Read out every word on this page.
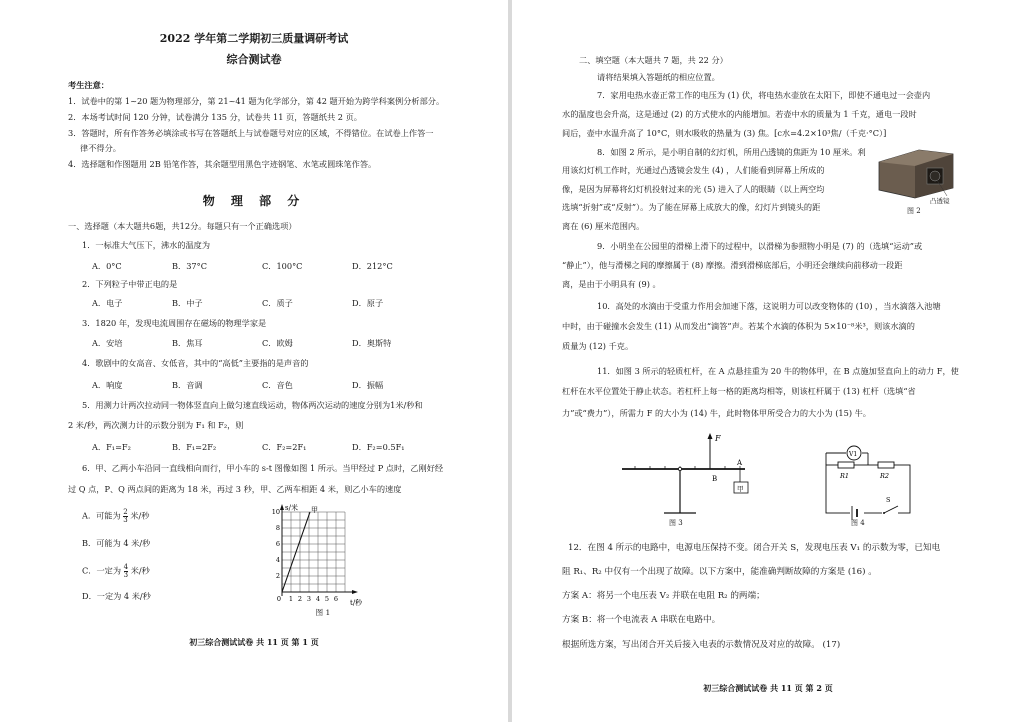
2022 学年第二学期初三质量调研考试
综合测试卷
考生注意：
1．试卷中的第 1~20 题为物理部分，第 21~41 题为化学部分，第 42 题开始为跨学科案例分析部分。
2．本场考试时间 120 分钟，试卷满分 135 分，试卷共 11 页，答题纸共 2 页。
3．答题时，所有作答务必填涂或书写在答题纸上与试卷题号对应的区域，不得错位。在试卷上作答一
律不得分。
4．选择题和作图题用 2B 铅笔作答，其余题型用黑色字迹钢笔、水笔或圆珠笔作答。
物 理 部 分
一、选择题（本大题共6题，共12分。每题只有一个正确选项）
1．一标准大气压下，沸水的温度为
A．0°C	B．37°C	C．100°C	D．212°C
2．下列粒子中带正电的是
A．电子	B．中子	C．质子	D．原子
3．1820 年，发现电流周围存在磁场的物理学家是
A．安培	B．焦耳	C．欧姆	D．奥斯特
4．歌剧中的女高音、女低音，其中的“高低”主要指的是声音的
A．响度	B．音调	C．音色	D．振幅
5．用测力计两次拉动同一物体竖直向上做匀速直线运动，物体两次运动的速度分别为1米/秒和
2 米/秒，两次测力计的示数分别为 F₁ 和 F₂，则
A．F₁=F₂	B．F₁=2F₂	C．F₂=2F₁	D．F₂=0.5F₁
6．甲、乙两小车沿同一直线相向而行，甲小车的 s-t 图像如图 1 所示。当甲经过 P 点时，乙刚好经
过 Q 点，P、Q 两点间的距离为 18 米，再过 3 秒，甲、乙两车相距 4 米，则乙小车的速度
A．可能为 $\frac{2}{3}$ 米/秒
B．可能为 4 米/秒
C．一定为 $\frac{4}{3}$ 米/秒
D．一定为 4 米/秒
s/米 甲
t/秒
10
8
6
4
2
0 1 2 3 4 5 6
图 1
初三综合测试试卷 共 11 页 第 1 页
二、填空题（本大题共 7 题，共 22 分）
请将结果填入答题纸的相应位置。
7．家用电热水壶正常工作的电压为 (1) 伏，将电热水壶放在太阳下，即使不通电过一会壶内
水的温度也会升高，这是通过 (2) 的方式使水的内能增加。若壶中水的质量为 1 千克，通电一段时
间后，壶中水温升高了 10°C，则水吸收的热量为 (3) 焦。[c水=4.2×10³焦/（千克·°C）]
8．如图 2 所示，是小明自制的幻灯机，所用凸透镜的焦距为 10 厘米。利
用该幻灯机工作时，光通过凸透镜会发生 (4) ，人们能看到屏幕上所成的
像，是因为屏幕将幻灯机投射过来的光 (5) 进入了人的眼睛（以上两空均
选填“折射”或“反射”）。为了能在屏幕上成放大的像，幻灯片到镜头的距
离在 (6) 厘米范围内。
凸透镜
图 2
9．小明坐在公园里的滑梯上滑下的过程中，以滑梯为参照物小明是 (7) 的（选填“运动”或
“静止”），他与滑梯之间的摩擦属于 (8) 摩擦。滑到滑梯底部后，小明还会继续向前移动一段距
离，是由于小明具有 (9) 。
10．高处的水滴由于受重力作用会加速下落，这说明力可以改变物体的 (10) ，当水滴落入池塘
中时，由于碰撞水会发生 (11) 从而发出“滴答”声。若某个水滴的体积为 5×10⁻⁸米³，则该水滴的
质量为 (12) 千克。
11．如图 3 所示的轻质杠杆，在 A 点悬挂重为 20 牛的物体甲，在 B 点施加竖直向上的动力 F，使
杠杆在水平位置处于静止状态。若杠杆上每一格的距离均相等，则该杠杆属于 (13) 杠杆（选填“省
力”或“费力”），所需力 F 的大小为 (14) 牛，此时物体甲所受合力的大小为 (15) 牛。
F
A
B
甲
图 3
V1
R1	R2
S
图 4
12．在图 4 所示的电路中，电源电压保持不变。闭合开关 S，发现电压表 V₁ 的示数为零，已知电
阻 R₁、R₂ 中仅有一个出现了故障。以下方案中，能准确判断故障的方案是 (16) 。
方案 A：将另一个电压表 V₂ 并联在电阻 R₂ 的两端；
方案 B：将一个电流表 A 串联在电路中。
根据所选方案，写出闭合开关后接入电表的示数情况及对应的故障。 (17)
初三综合测试试卷 共 11 页 第 2 页
